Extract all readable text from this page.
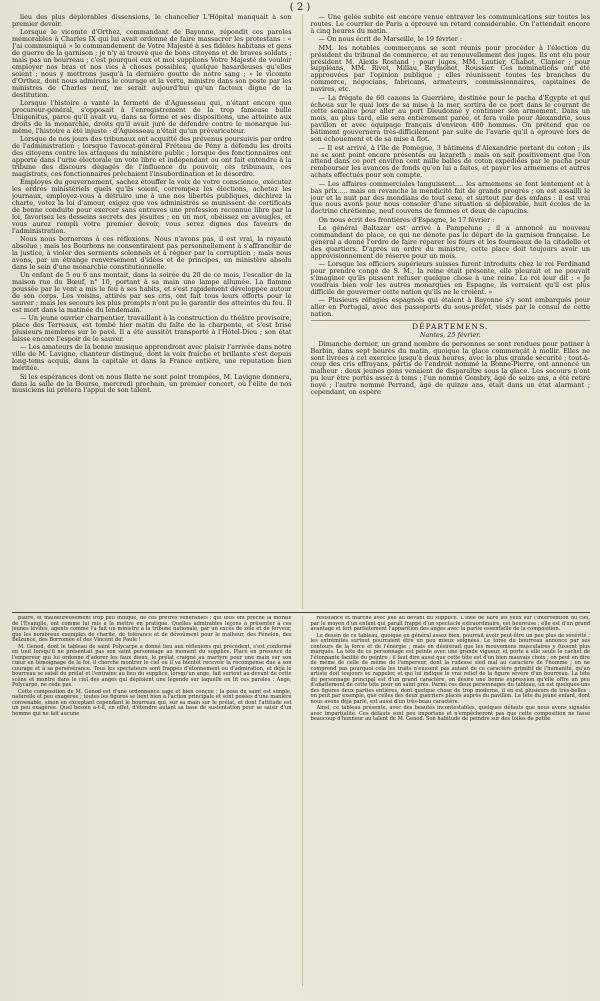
( 2 )

lieu des plus déplorables dissensions, le chancelier L'Hôpital manquait à son premier devoir.

Lorsque le vicomte d'Orthez, commandant de Bayonne, répondit ces paroles mémorables à Charles IX qui lui avait ordonné de faire massacrer les protestans : « J'ai communiqué » le commandement de Votre Majesté à ses fidèles habitans et gens de guerre de la garnison ; je n'y ai trouvé que de bons citoyens et de braves soldats ; mais pas un bourreau ; c'est pourquoi eux et moi supplions Votre Majesté de vouloir employer nos bras et nos vies à choses possibles, quelque hasardeuses qu'elles soient ; nous y mettrons jusqu'à la dernière goutte de notre sang ; » le vicomte d'Orthez, dont nous admirons le courage et la vertu, ministre dans son poste par les ministres de Charles neuf, ne serait aujourd'hui qu'un facteux digne de la destitution.

Lorsque l'histoire a vanté la fermeté de d'Aguesseau qui, n'étant encore que procureur-général, s'opposait à l'enregistrement de la trop fameuse bulle Unigenitus, parce qu'il avait vu, dans sa forme et ses dispositions, une atteinte aux droits de la monarchie, droits qu'il avait juré de défendre contre le monarque lui-même, l'histoire a été injuste : d'Aguesseau n'était qu'un prévaricateur.

Lorsque de nos jours des tribunaux ont acquitté des prévenus poursuivis par ordre de l'administration ; lorsque l'avocat-général Fréteau de Pény a défendu les droits des citoyens contre les attaques du ministère public ; lorsque des fonctionnaires ont apporté dans l'urne électorale un vote libre et indépendant ou ont fait entendre à la tribune des discours dégagés de l'influence du pouvoir, ces tribunaux, ces magistrats, ces fonctionnaires prêchaient l'insubordination et le désordre.

Employés du gouvernement, sachez étouffer la voix de votre conscience, exécutez les ordres ministériels quels qu'ils soient, corrompez les élections, achetez les journaux, employez-vous à détruire une à une nos libertés publiques, déchirez la charte, votez la loi d'amour, exigez que vos administrés se munissent de certificats de bonne conduite pour exercer sans entraves une profession reconnue libre par la loi, favorisez les desseins secrets des jésuites ; en un mot, obéissez en aveugles, et vous aurez rempli votre premier devoir, vous serez dignes des faveurs de l'administration.

Nous nous bornerons à ces réflexions. Nous n'avons pas, il est vrai, la royauté absolue ; mais les Bourbons ne consentiraient pas personnellement à s'affranchir de la justice, à violer des serments solennels et à régner par la corruption ; mais nous avons, par un étrange renversement d'idées et de principes, un ministère absolu dans le sein d'une monarchie constitutionnelle.

Un enfant de 5 ou 6 ans montait, dans la soirée du 20 de ce mois, l'escalier de la maison rue du Bœuf, n° 10, portant à sa main une lampe allumée. La flamme poussée par le vent a mis le feu à ses habits, et s'est rapidement développée autour de son corps. Les voisins, attirés par ses cris, ont fait tous leurs efforts pour le sauver ; mais les secours les plus prompts n'ont pu le garantir des atteintes du feu. Il est mort dans la matinée du lendemain.

— Un jeune ouvrier charpentier, travaillant à la construction du théâtre provisoire, place des Terreaux, est tombé hier matin du faîte de la charpente, et s'est brisé plusieurs membres sur le pavé. Il a été aussitôt transporté à l'Hôtel-Dieu ; son état laisse encore l'espoir de le sauver.

— Les amateurs de la bonne musique apprendront avec plaisir l'arrivée dans notre ville de M. Lavigne, chanteur distingué, dont la voix fraîche et brillante s'est depuis long-tems acquis, dans la capitale et dans la France entière, une réputation bien méritée.

Si les espérances dont on nous flatte ne sont point trompées, M. Lavigne donnera, dans la salle de la Bourse, mercredi prochain, un premier concert, où l'élite de nos musiciens lui prêtera l'appui de son talent.

— Une gelée subite est encore venue entraver les communications sur toutes les routes. Le courrier de Paris a éprouvé un retard considérable. On l'attendait encore à cinq heures du matin.

— On nous écrit de Marseille, le 19 février :

MM. les notables commerçans se sont réunis pour procéder à l'élection du président du tribunal de commerce, et au renouvellement des juges. Ils ont élu pour président M. Alexis Rostand ; pour juges, MM. Lautier, Chabot, Clapier ; pour suppléans, MM. Rivet, Millau, Reymonet, Roussier. Ces nominations ont été approuvées par l'opinion publique ; elles réunissent toutes les branches du commerce, négocians, fabricans, armateurs, commissionnaires, capitaines de navires, etc.

— La frégate de 60 canons la Guerrière, destinée pour le pacha d'Égypte et qui échoua sur le quai lors de sa mise à la mer, sortira de ce port dans le courant de cette semaine pour aller au port Dieudonné y continuer son armement. Dans un mois, au plus tard, elle sera entièrement parée, et fera voile pour Alexandrie, sous pavillon et avec équipage français d'environ 400 hommes. On prétend que ce bâtiment gouvernera très-difficilement par suite de l'avarie qu'il a éprouvé lors de son échouement et de sa mise à flot.

— Il est arrivé, à l'île de Pomègue, 3 bâtimens d'Alexandrie portant du coton ; ils ne se sont point encore présentés au lazareth ; mais on sait positivement que l'on attend dans ce port environ cent mille balles de coton expédiées par le pacha pour rembourser les avances de fonds qu'on lui a faites, et payer les armemens et autres achats effectués pour son compte.

— Les affaires commerciales languissent.... les armemens se font lentement et à bas prix..... mais en revanche la mendicité fait de grands progrès ; on est assailli le jour et la nuit par des mendians de tout sexe, et surtout par des enfans : il est vrai que nous avons pour nous consoler d'une situation si déplorable, huit écoles de la doctrine chrétienne, neuf couvens de femmes et deux de capucins.

On nous écrit des frontières d'Espagne, le 17 février :

Le général Baltazar est arrivé à Pampelune ; il a annoncé au nouveau commandant de place, ce qui ne dénote pas le départ de la garnison française. Le général a donné l'ordre de faire réparer les fours et les fourneaux de la citadelle et des quartiers. D'après un ordre du ministre, cette place doit toujours avoir un approvisionnement de réserve pour un mois.

— Lorsque les officiers supérieurs suisses furent introduits chez le roi Ferdinand pour prendre congé de S. M., la reine était présente, elle pleurait et ne pouvait s'imaginer qu'ils pussent refuser quelque chose à une reine. Le roi leur dit : « Je voudrais bien voir les autres monarques en Espagne, ils verraient qu'il est plus difficile de gouverner cette nation qu'ils ne le croient. »

— Plusieurs réfugiés espagnols qui étaient à Bayonne s'y sont embarqués pour aller en Portugal, avec des passeports du sous-préfet, visés par le consul de cette nation.

DÉPARTEMENS.

Nantes, 25 février.

Dimanche dernier, un grand nombre de personnes se sont rendues pour patiner à Barbin, dans sept heures du matin, quoique la glace commençât à mollir. Elles ne sont livrées à cet exercice jusqu'à deux heures, avec la plus grande sécurité ; tout-à-coup des cris effrayans, partis de l'endroit nommé la Bonne-Pierre, ont annoncé un malheur : deux jeunes gens venaient de disparaître sous la glace. Les secours n'ont pu leur être portés assez à tems ; l'un nommé Gombry, âgé de seize ans, a été retiré noyé ; l'autre nommé Perrand, âgé de quinze ans, était dans un état alarmant ; cependant, on espère

plâtre, et malheureusement trop peu indiqué, de ces prêtres vénérables ; qui tous ont prêché la morale de l'Évangile, ont comme lui mis à la mettre en pratique. Quelles admirables leçons à présenter à ces jeunes lévites, agents comme l'a fait un ministre à la tribune nationale, par un excès de zèle et de ferveur, que les nombreux exemples de charité, de tolérance et de dévoûment pour le malheur, des Fénelon, des Belzunce, des Borromée et des Vincent de Paule !

M. Genod, dont le tableau de saint Polycarpe a donné lieu aux réflexions qui précèdent, s'est conformé en tout lorsqu'il ne présentait pas son saint personnage au moment du supplice. Placé en présence de l'empereur qui lui ordonne d'adorer les faux dieux, le prélat craigné au martyre pour une main sur son cœur en témoignage de la foi, il cherche montrer le ciel où il va bientôt recevoir la récompense due à son courage et à sa persévérance. Tous les spectateurs sont frappés d'étonnement ou d'admiration, et déjà le bourreau se saisit du prélat et l'entraîne au lieu du supplice, lorsqu'un ange, fait surtout au-devant de cette scène et montre dans le ciel des anges qui déploient une légende sur laquelle on lit ces paroles : Ange, Polycarpe, ne cède pas.

Cette composition de M. Genod est d'une ordonnance sage et bien conçue : la pose du saint est simple, naturelle et peu exagérée ; toutes les figures se lient bien à l'action principale et sont posées d'une manière convenable, sinon en exceptant cependant le bourreau qui, sur sa main sur le prélat, et dont l'attitude est un peu exagérée. Quel besoin a-t-il, en effet, d'étendre autant sa base de sustentation pour se saisir d'un homme qui ne fait aucune

résistance et marche avec joie au devant du supplice. L'idée de faire les yeux sur l'intervention du ciel, par le moyen d'un enfant qui paraît frappé d'un spectacle extraordinaire, est heureuse ; elle est d'un grand avantage et fort parfaitement l'apparition des anges avec la partie essentielle de la composition.

Le dessin de ce tableau, quoique en général assez bien, pourrait avoir peut-être un peu plus de sévérité ; les extrémités surtout pourraient être un peu mieux soignées. Le torse du bourreau annonce par ses contours de la force et de l'énergie ; mais on désirerait que les mouvemens musculaires y fussent plus marqués. La tête de ce personnage est peinte avec une grande vigueur, et porte à elle seule le cachet de l'étonnante facilité du peintre : il faut dire aussi que cette tête est d'un bien mauvais choix ; on peut en dire de même de celle de même de l'empereur, dont la rudesse sied mal au caractère de l'homme ; on ne comprend pas pourquoi cela les traits n'eussent pas autant de ce caractère primitif de l'humanité, qu'un artiste doit toujours se rappeler, et qui lui indique le vrai relief de la figure sévère d'un bourreau. La tête du personnage principal est d'un grand caractère, on désire une bonne expression qu'elle offre un peu d'abattement de cette tête pour un saint près. Parmi ces deux personnages du tableau, un est quelques-uns des figures deux parties entières, dont quelque chose de trop moderne, il en est plusieurs de très-belles : on peut par exemple, que celles des deux guerriers placés auprès du pavillon. La tête du jeune enfant, dont nous avons déjà parlé, est aussi d'un très-beau caractère.

Ainsi, ce tableau présente, avec des beautés incontestables, quelques défauts que nous avons signalés avec impartialité. Ces défauts sont peu importans et n'empêcheront pas que cette composition ne fasse beaucoup d'honneur au talent de M. Genod. Son habitude de peindre sur des toiles de petite
